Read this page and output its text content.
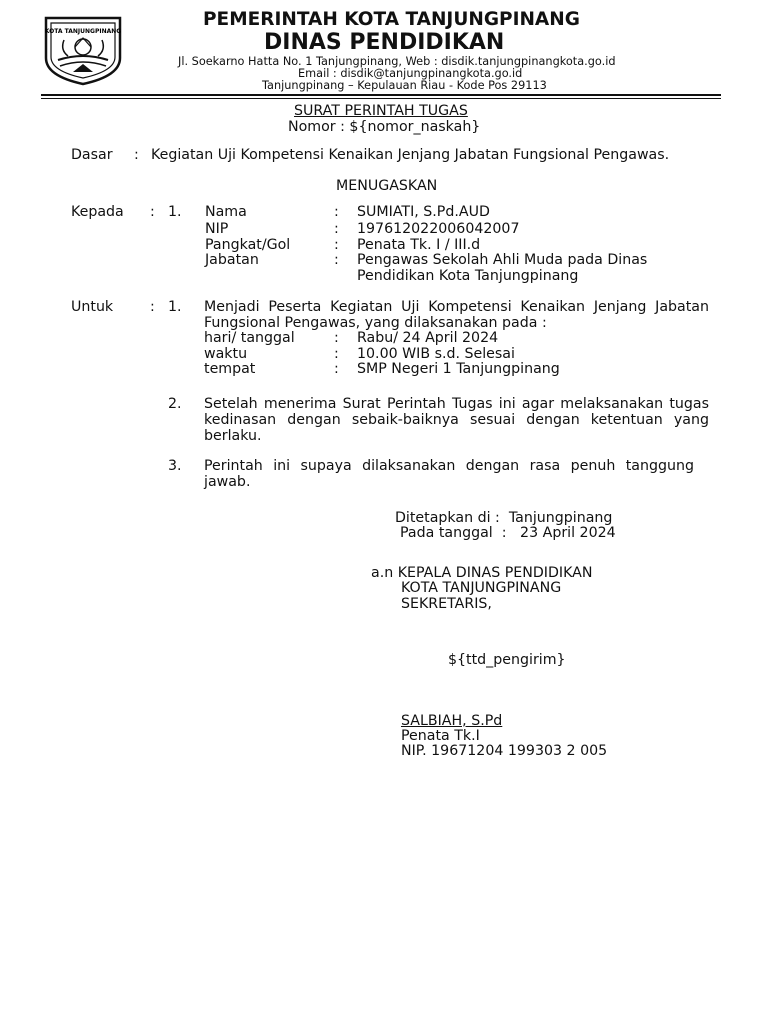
KOTA TANJUNGPINANG
PEMERINTAH KOTA TANJUNGPINANG
DINAS PENDIDIKAN
Jl. Soekarno Hatta No. 1 Tanjungpinang, Web : disdik.tanjungpinangkota.go.id
Email : disdik@tanjungpinangkota.go.id
Tanjungpinang – Kepulauan Riau - Kode Pos 29113
SURAT PERINTAH TUGAS
Nomor : ${nomor_naskah}
Dasar : Kegiatan Uji Kompetensi Kenaikan Jenjang Jabatan Fungsional Pengawas.
MENUGASKAN
Kepada : 1. Nama	: SUMIATI, S.Pd.AUD
NIP	: 197612022006042007
Pangkat/Gol	: Penata Tk. I / III.d
Jabatan	: Pengawas Sekolah Ahli Muda pada Dinas
Pendidikan Kota Tanjungpinang
Untuk	: 1. Menjadi Peserta Kegiatan Uji Kompetensi Kenaikan Jenjang Jabatan Fungsional Pengawas, yang dilaksanakan pada :
hari/ tanggal	: Rabu/ 24 April 2024
waktu	: 10.00 WIB s.d. Selesai
tempat	: SMP Negeri 1 Tanjungpinang
2. Setelah menerima Surat Perintah Tugas ini agar melaksanakan tugas kedinasan dengan sebaik-baiknya sesuai dengan ketentuan yang berlaku.
3. Perintah ini supaya dilaksanakan dengan rasa penuh tanggung jawab.
Ditetapkan di :  Tanjungpinang
Pada tanggal  :   23 April 2024
a.n KEPALA DINAS PENDIDIKAN
KOTA TANJUNGPINANG
SEKRETARIS,
${ttd_pengirim}
SALBIAH, S.Pd
Penata Tk.I
NIP. 19671204 199303 2 005
